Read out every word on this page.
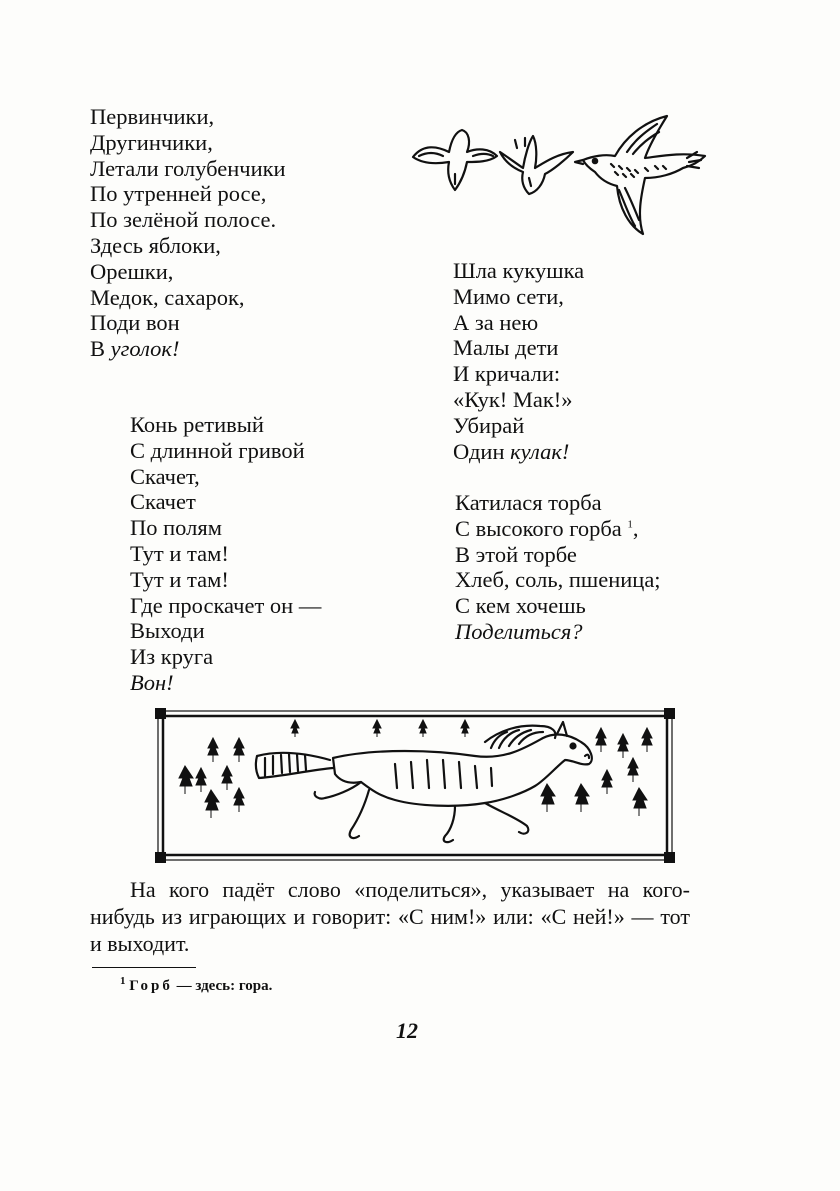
Первинчики,
Другинчики,
Летали голубенчики
По утренней росе,
По зелёной полосе.
Здесь яблоки,
Орешки,
Медок, сахарок,
Поди вон
В уголок!
Шла кукушка
Мимо сети,
А за нею
Малы дети
И кричали:
«Кук! Мак!»
Убирай
Один кулак!
Конь ретивый
С длинной гривой
Скачет,
Скачет
По полям
Тут и там!
Тут и там!
Где проскачет он —
Выходи
Из круга
Вон!
Катилася торба
С высокого горба $^1$,
В этой торбе
Хлеб, соль, пшеница;
С кем хочешь
Поделиться?

На кого падёт слово «поделиться», указывает на кого-нибудь из играющих и говорит: «С ним!» или: «С ней!» — тот и выходит.

$^1$ Горб — здесь: гора.
12
